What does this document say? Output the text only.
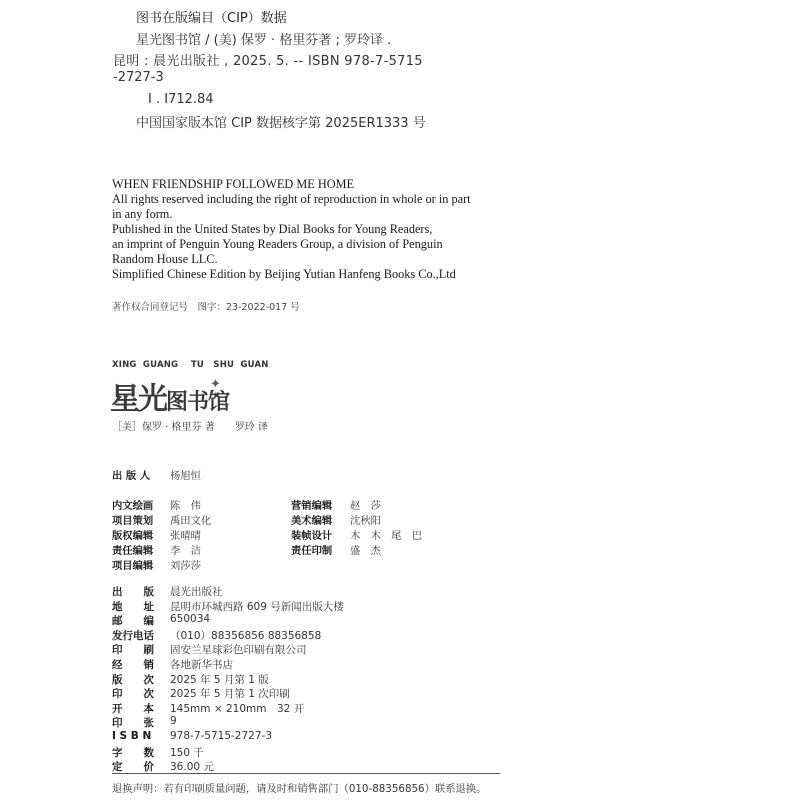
图书在版编目（CIP）数据
星光图书馆 / (美) 保罗 · 格里芬著 ; 罗玲译 .
昆明 : 晨光出版社 , 2025. 5. -- ISBN 978-7-5715
-2727-3
Ⅰ . I712.84
中国国家版本馆 CIP 数据核字第 2025ER1333 号
WHEN FRIENDSHIP FOLLOWED ME HOME
All rights reserved including the right of reproduction in whole or in part
in any form.
Published in the United States by Dial Books for Young Readers,
an imprint of Penguin Young Readers Group, a division of Penguin
Random House LLC.
Simplified Chinese Edition by Beijing Yutian Hanfeng Books Co.,Ltd
著作权合同登记号　图字：23-2022-017 号
XING  GUANG    TU   SHU  GUAN
星光图书馆
✦
［美］保罗 · 格里芬 著　　罗玲 译
出 版 人 杨旭恒
内文绘画 陈　伟
项目策划 禹田文化
版权编辑 张晴晴
责任编辑 李　洁
项目编辑 刘莎莎
营销编辑 赵　莎
美术编辑 沈秋阳
装帧设计 木　木　尾　巴
责任印制 盛　杰
出　　版 晨光出版社
地　　址 昆明市环城西路 609 号新闻出版大楼
邮　　编 650034
发行电话 （010）88356856 88356858
印　　刷 固安兰星球彩色印刷有限公司
经　　销 各地新华书店
版　　次 2025 年 5 月第 1 版
印　　次 2025 年 5 月第 1 次印刷
开　　本 145mm × 210mm　32 开
印　　张 9
I S B N 978-7-5715-2727-3
字　　数 150 千
定　　价 36.00 元
退换声明：若有印刷质量问题，请及时和销售部门（010-88356856）联系退换。
